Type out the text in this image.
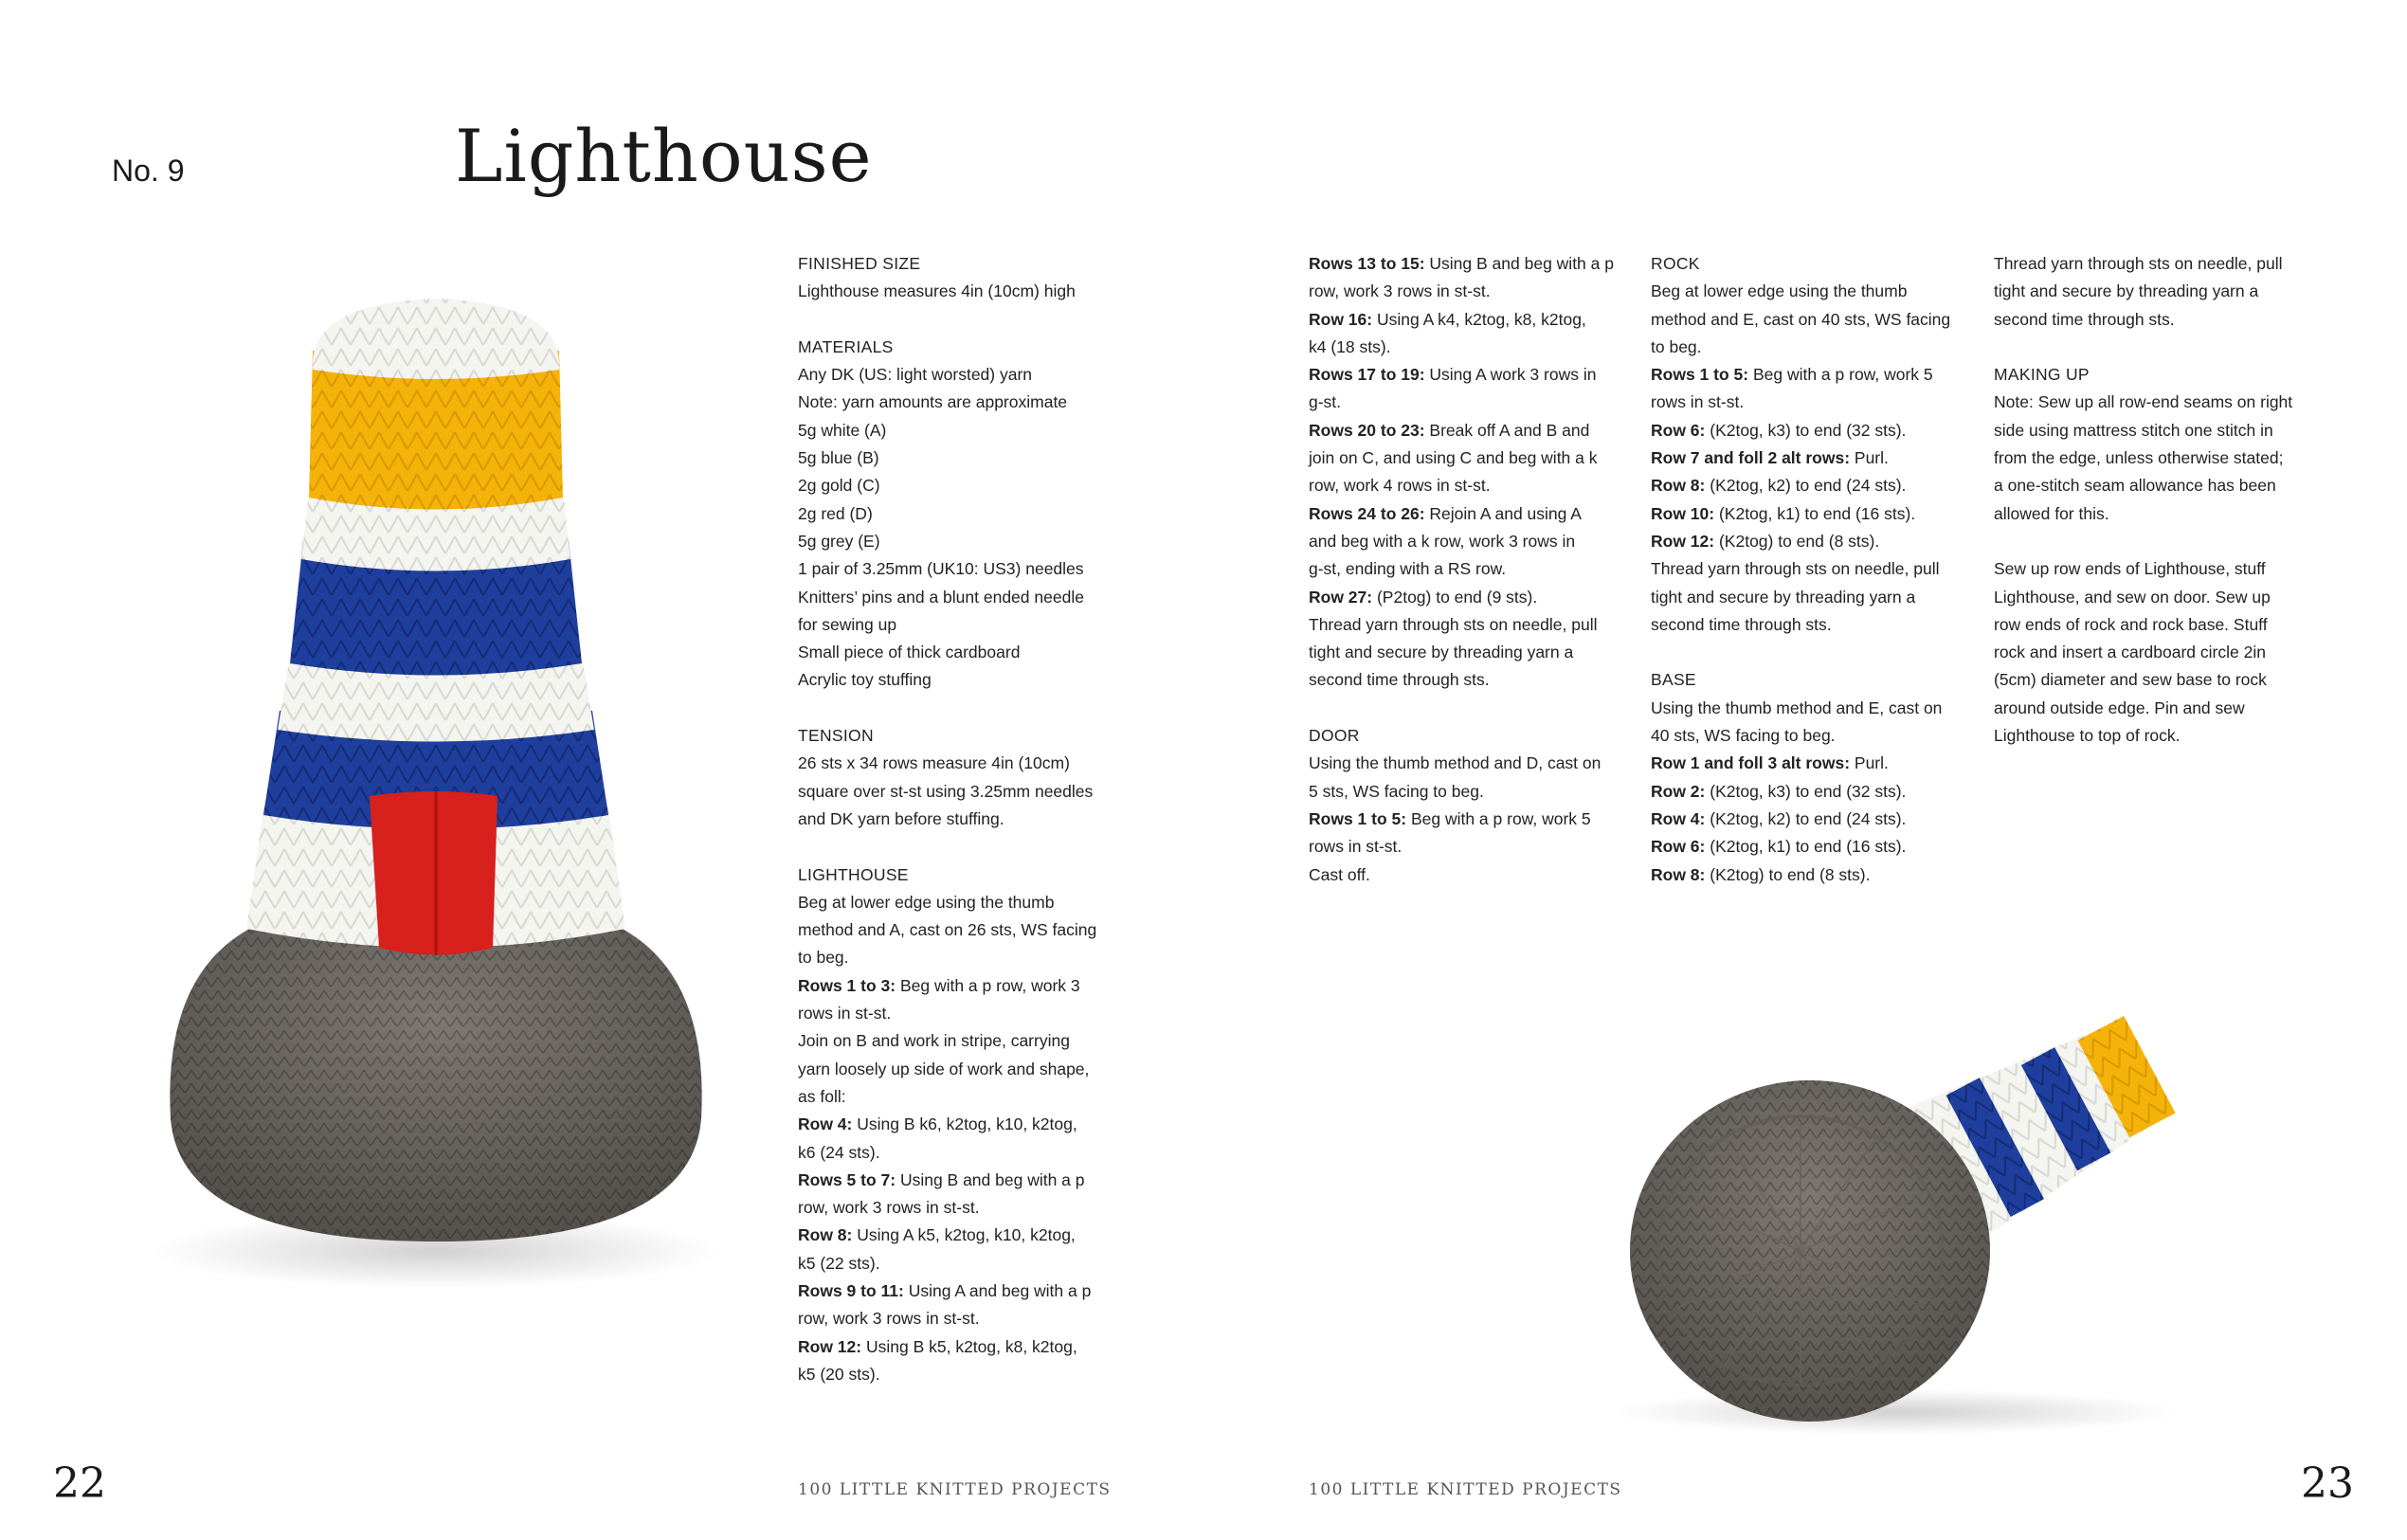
No. 9	Lighthouse

FINISHED SIZE

Lighthouse measures 4in (10cm) high

MATERIALS

Any DK (US: light worsted) yarn

Note: yarn amounts are approximate

5g white (A)

5g blue (B)

2g gold (C)

2g red (D)

5g grey (E)

1 pair of 3.25mm (UK10: US3) needles

Knitters’ pins and a blunt ended needle

for sewing up

Small piece of thick cardboard

Acrylic toy stuffing

TENSION

26 sts x 34 rows measure 4in (10cm)

square over st-st using 3.25mm needles

and DK yarn before stuffing.

LIGHTHOUSE

Beg at lower edge using the thumb

method and A, cast on 26 sts, WS facing

to beg.

Rows 1 to 3: Beg with a p row, work 3

rows in st-st.

Join on B and work in stripe, carrying

yarn loosely up side of work and shape,

as foll:

Row 4: Using B k6, k2tog, k10, k2tog,

k6 (24 sts).

Rows 5 to 7: Using B and beg with a p

row, work 3 rows in st-st.

Row 8: Using A k5, k2tog, k10, k2tog,

k5 (22 sts).

Rows 9 to 11: Using A and beg with a p

row, work 3 rows in st-st.

Row 12: Using B k5, k2tog, k8, k2tog,

k5 (20 sts).

Rows 13 to 15: Using B and beg with a p

row, work 3 rows in st-st.

Row 16: Using A k4, k2tog, k8, k2tog,

k4 (18 sts).

Rows 17 to 19: Using A work 3 rows in

g-st.

Rows 20 to 23: Break off A and B and

join on C, and using C and beg with a k

row, work 4 rows in st-st.

Rows 24 to 26: Rejoin A and using A

and beg with a k row, work 3 rows in

g-st, ending with a RS row.

Row 27: (P2tog) to end (9 sts).

Thread yarn through sts on needle, pull

tight and secure by threading yarn a

second time through sts.

DOOR

Using the thumb method and D, cast on

5 sts, WS facing to beg.

Rows 1 to 5: Beg with a p row, work 5

rows in st-st.

Cast off.

ROCK

Beg at lower edge using the thumb

method and E, cast on 40 sts, WS facing

to beg.

Rows 1 to 5: Beg with a p row, work 5

rows in st-st.

Row 6: (K2tog, k3) to end (32 sts).

Row 7 and foll 2 alt rows: Purl.

Row 8: (K2tog, k2) to end (24 sts).

Row 10: (K2tog, k1) to end (16 sts).

Row 12: (K2tog) to end (8 sts).

Thread yarn through sts on needle, pull

tight and secure by threading yarn a

second time through sts.

BASE

Using the thumb method and E, cast on

40 sts, WS facing to beg.

Row 1 and foll 3 alt rows: Purl.

Row 2: (K2tog, k3) to end (32 sts).

Row 4: (K2tog, k2) to end (24 sts).

Row 6: (K2tog, k1) to end (16 sts).

Row 8: (K2tog) to end (8 sts).

Thread yarn through sts on needle, pull

tight and secure by threading yarn a

second time through sts.

MAKING UP

Note: Sew up all row-end seams on right

side using mattress stitch one stitch in

from the edge, unless otherwise stated;

a one-stitch seam allowance has been

allowed for this.

Sew up row ends of Lighthouse, stuff

Lighthouse, and sew on door. Sew up

row ends of rock and rock base. Stuff

rock and insert a cardboard circle 2in

(5cm) diameter and sew base to rock

around outside edge. Pin and sew

Lighthouse to top of rock.

22	23
100 LITTLE KNITTED PROJECTS	100 LITTLE KNITTED PROJECTS
